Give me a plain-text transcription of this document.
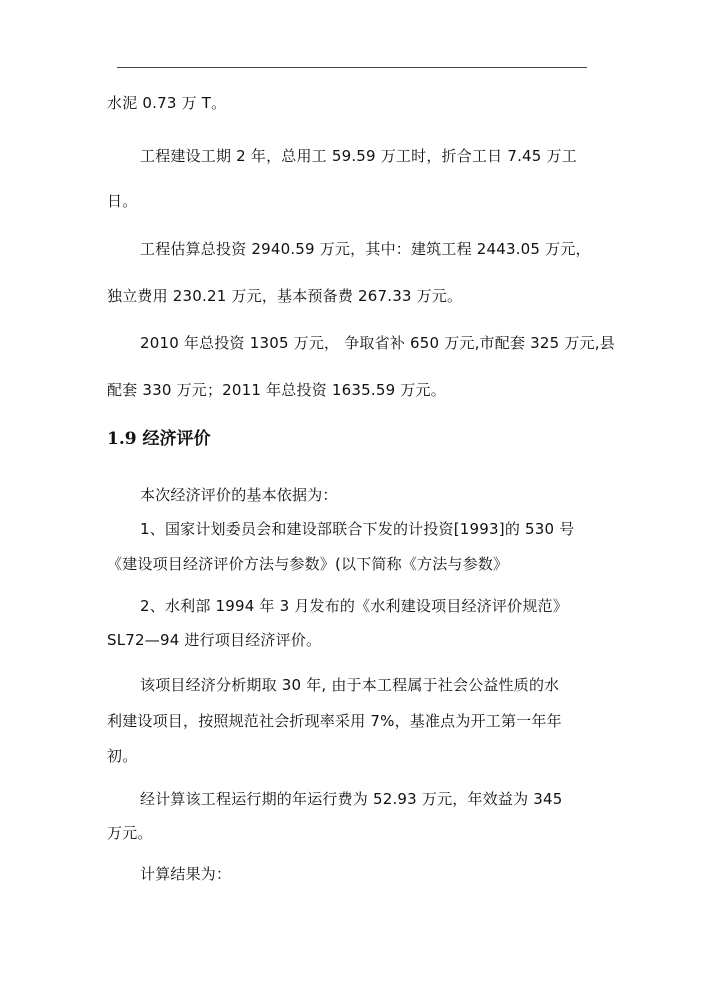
水泥 0.73 万 T。
工程建设工期 2 年，总用工 59.59 万工时，折合工日 7.45 万工
日。
工程估算总投资 2940.59 万元，其中：建筑工程 2443.05 万元，
独立费用 230.21 万元，基本预备费 267.33 万元。
2010 年总投资 1305 万元， 争取省补 650 万元,市配套 325 万元,县
配套 330 万元；2011 年总投资 1635.59 万元。
1.9 经济评价
本次经济评价的基本依据为：
1、国家计划委员会和建设部联合下发的计投资[1993]的 530 号
《建设项目经济评价方法与参数》(以下简称《方法与参数》
2、水利部 1994 年 3 月发布的《水利建设项目经济评价规范》
SL72—94 进行项目经济评价。
该项目经济分析期取 30 年, 由于本工程属于社会公益性质的水
利建设项目，按照规范社会折现率采用 7%，基准点为开工第一年年
初。
经计算该工程运行期的年运行费为 52.93 万元，年效益为 345
万元。
计算结果为：
